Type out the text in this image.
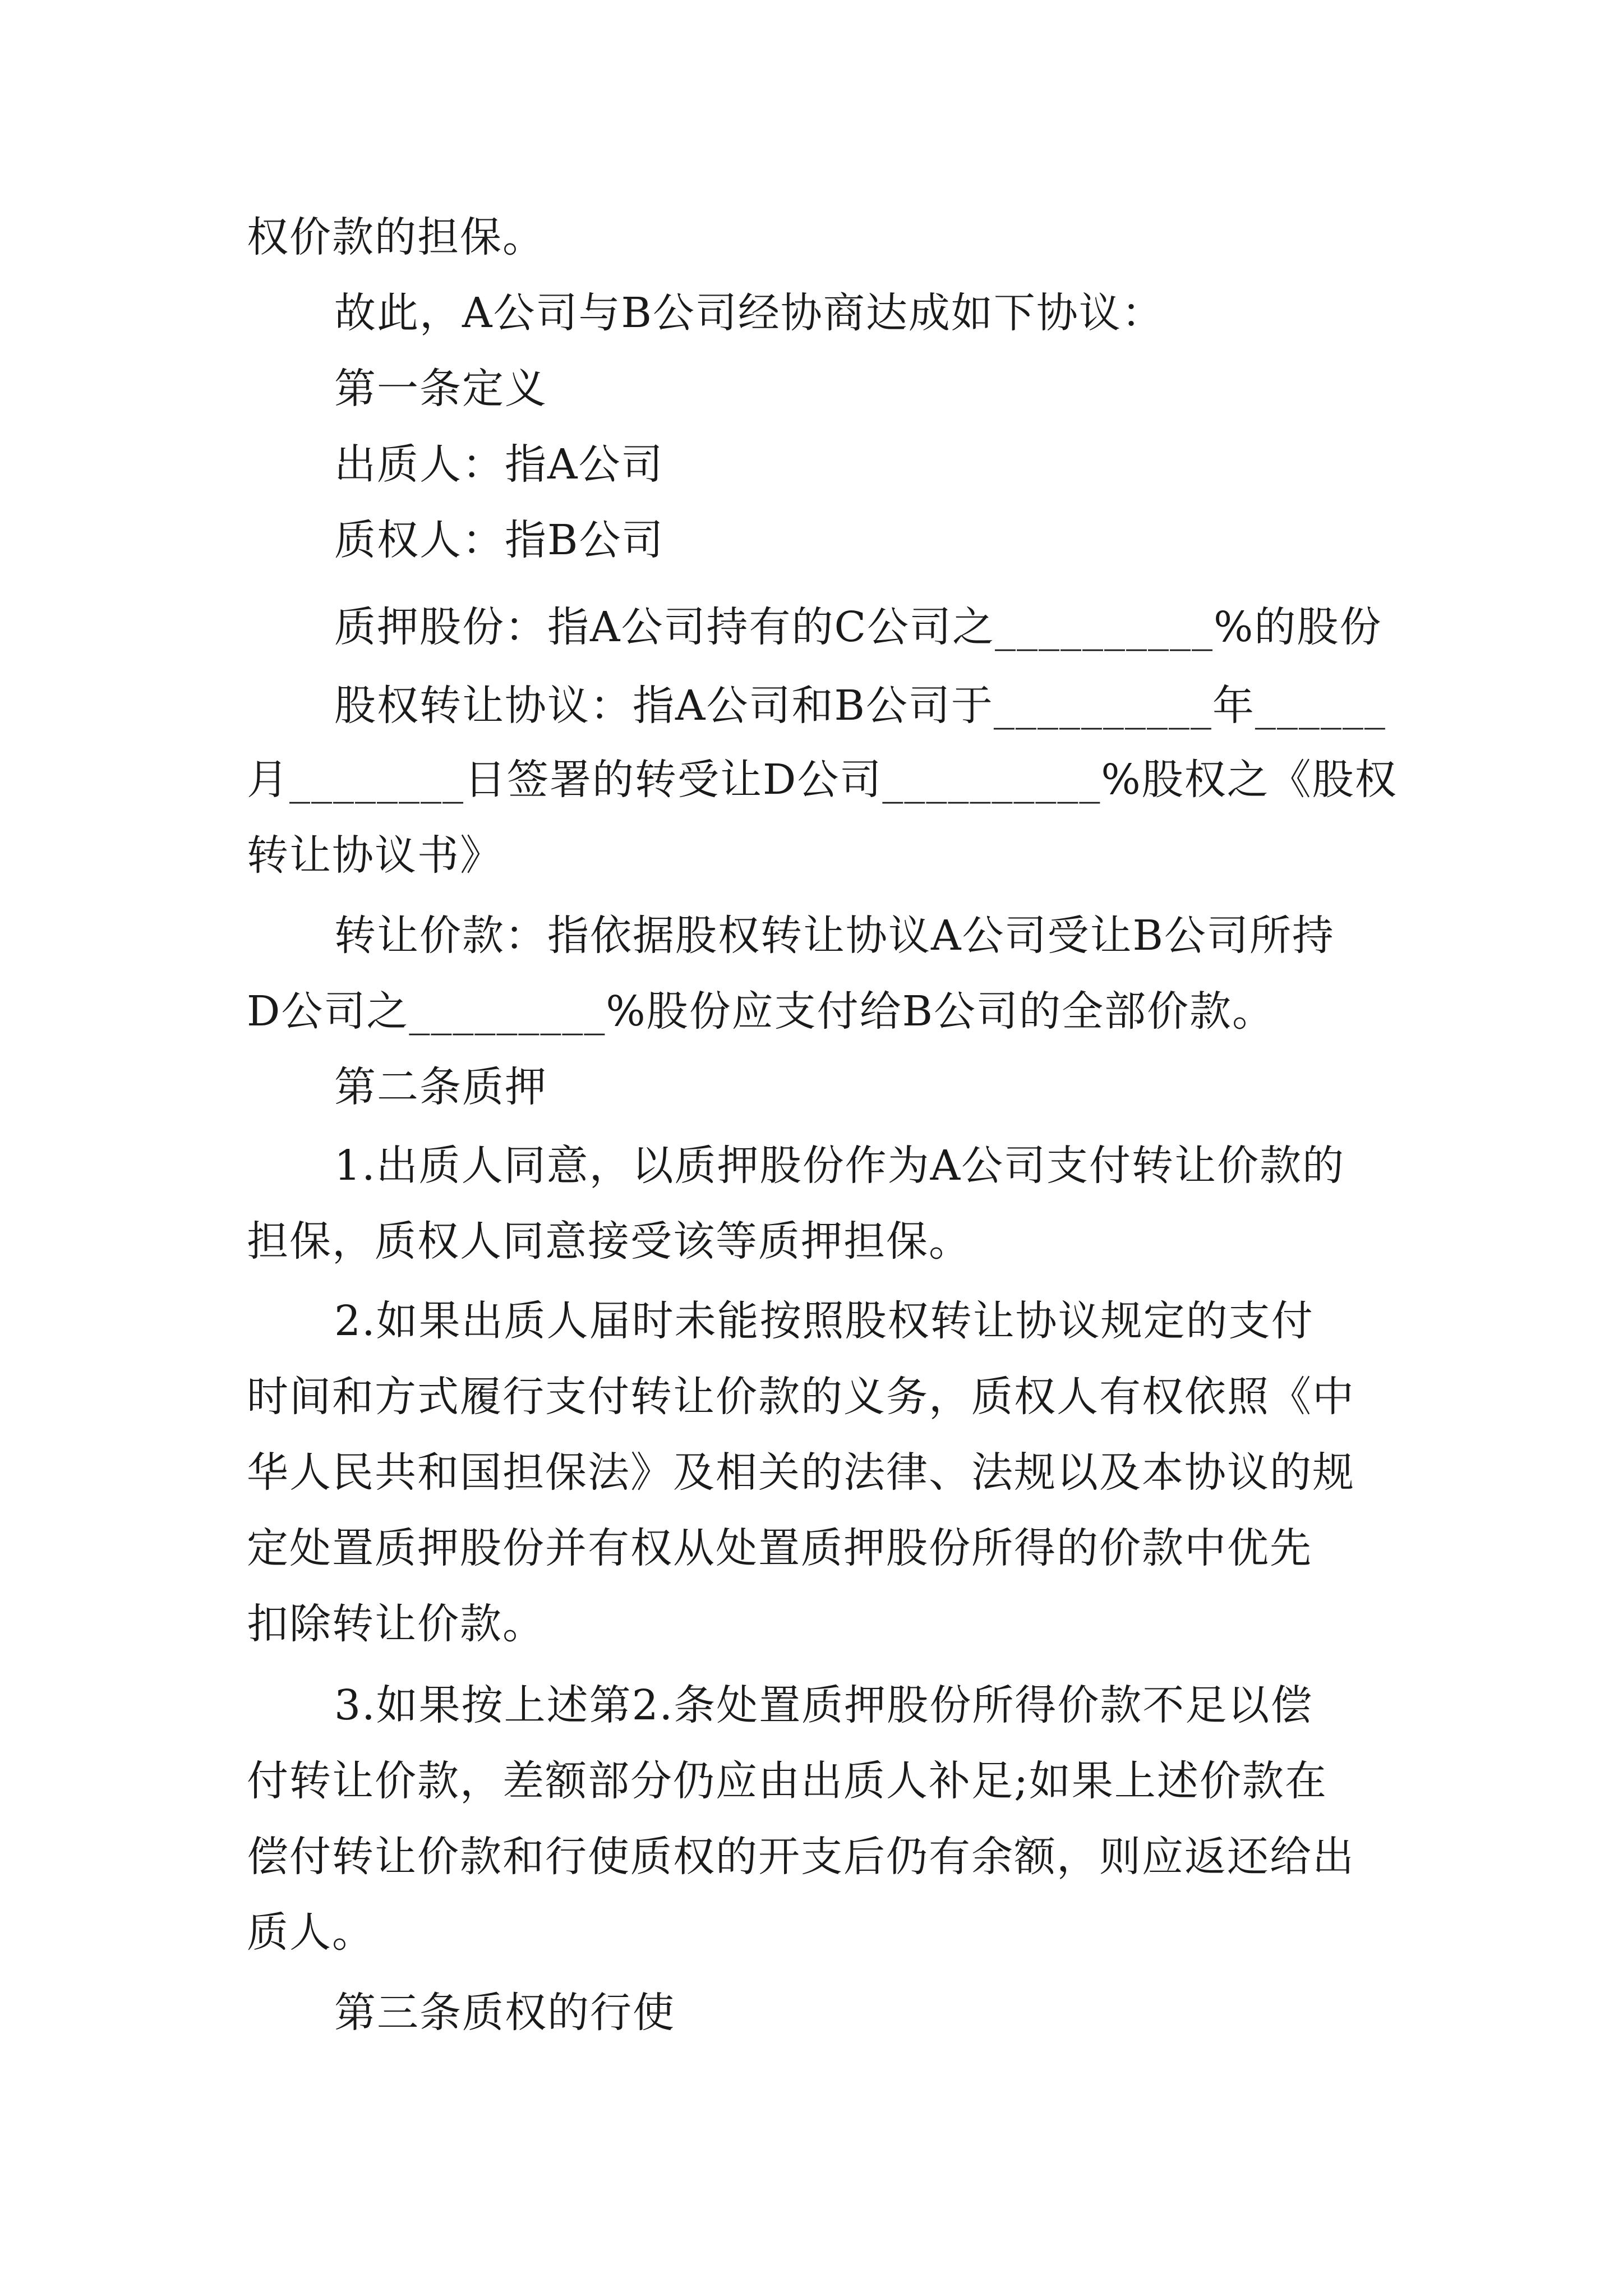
权价款的担保。
故此，A公司与B公司经协商达成如下协议：
第一条定义
出质人：指A公司
质权人：指B公司
质押股份：指A公司持有的C公司之__________%的股份
股权转让协议：指A公司和B公司于__________年______
月________日签署的转受让D公司__________%股权之《股权
转让协议书》
转让价款：指依据股权转让协议A公司受让B公司所持
D公司之_________%股份应支付给B公司的全部价款。
第二条质押
1.出质人同意，以质押股份作为A公司支付转让价款的
担保，质权人同意接受该等质押担保。
2.如果出质人届时未能按照股权转让协议规定的支付
时间和方式履行支付转让价款的义务，质权人有权依照《中
华人民共和国担保法》及相关的法律、法规以及本协议的规
定处置质押股份并有权从处置质押股份所得的价款中优先
扣除转让价款。
3.如果按上述第2.条处置质押股份所得价款不足以偿
付转让价款，差额部分仍应由出质人补足;如果上述价款在
偿付转让价款和行使质权的开支后仍有余额，则应返还给出
质人。
第三条质权的行使
